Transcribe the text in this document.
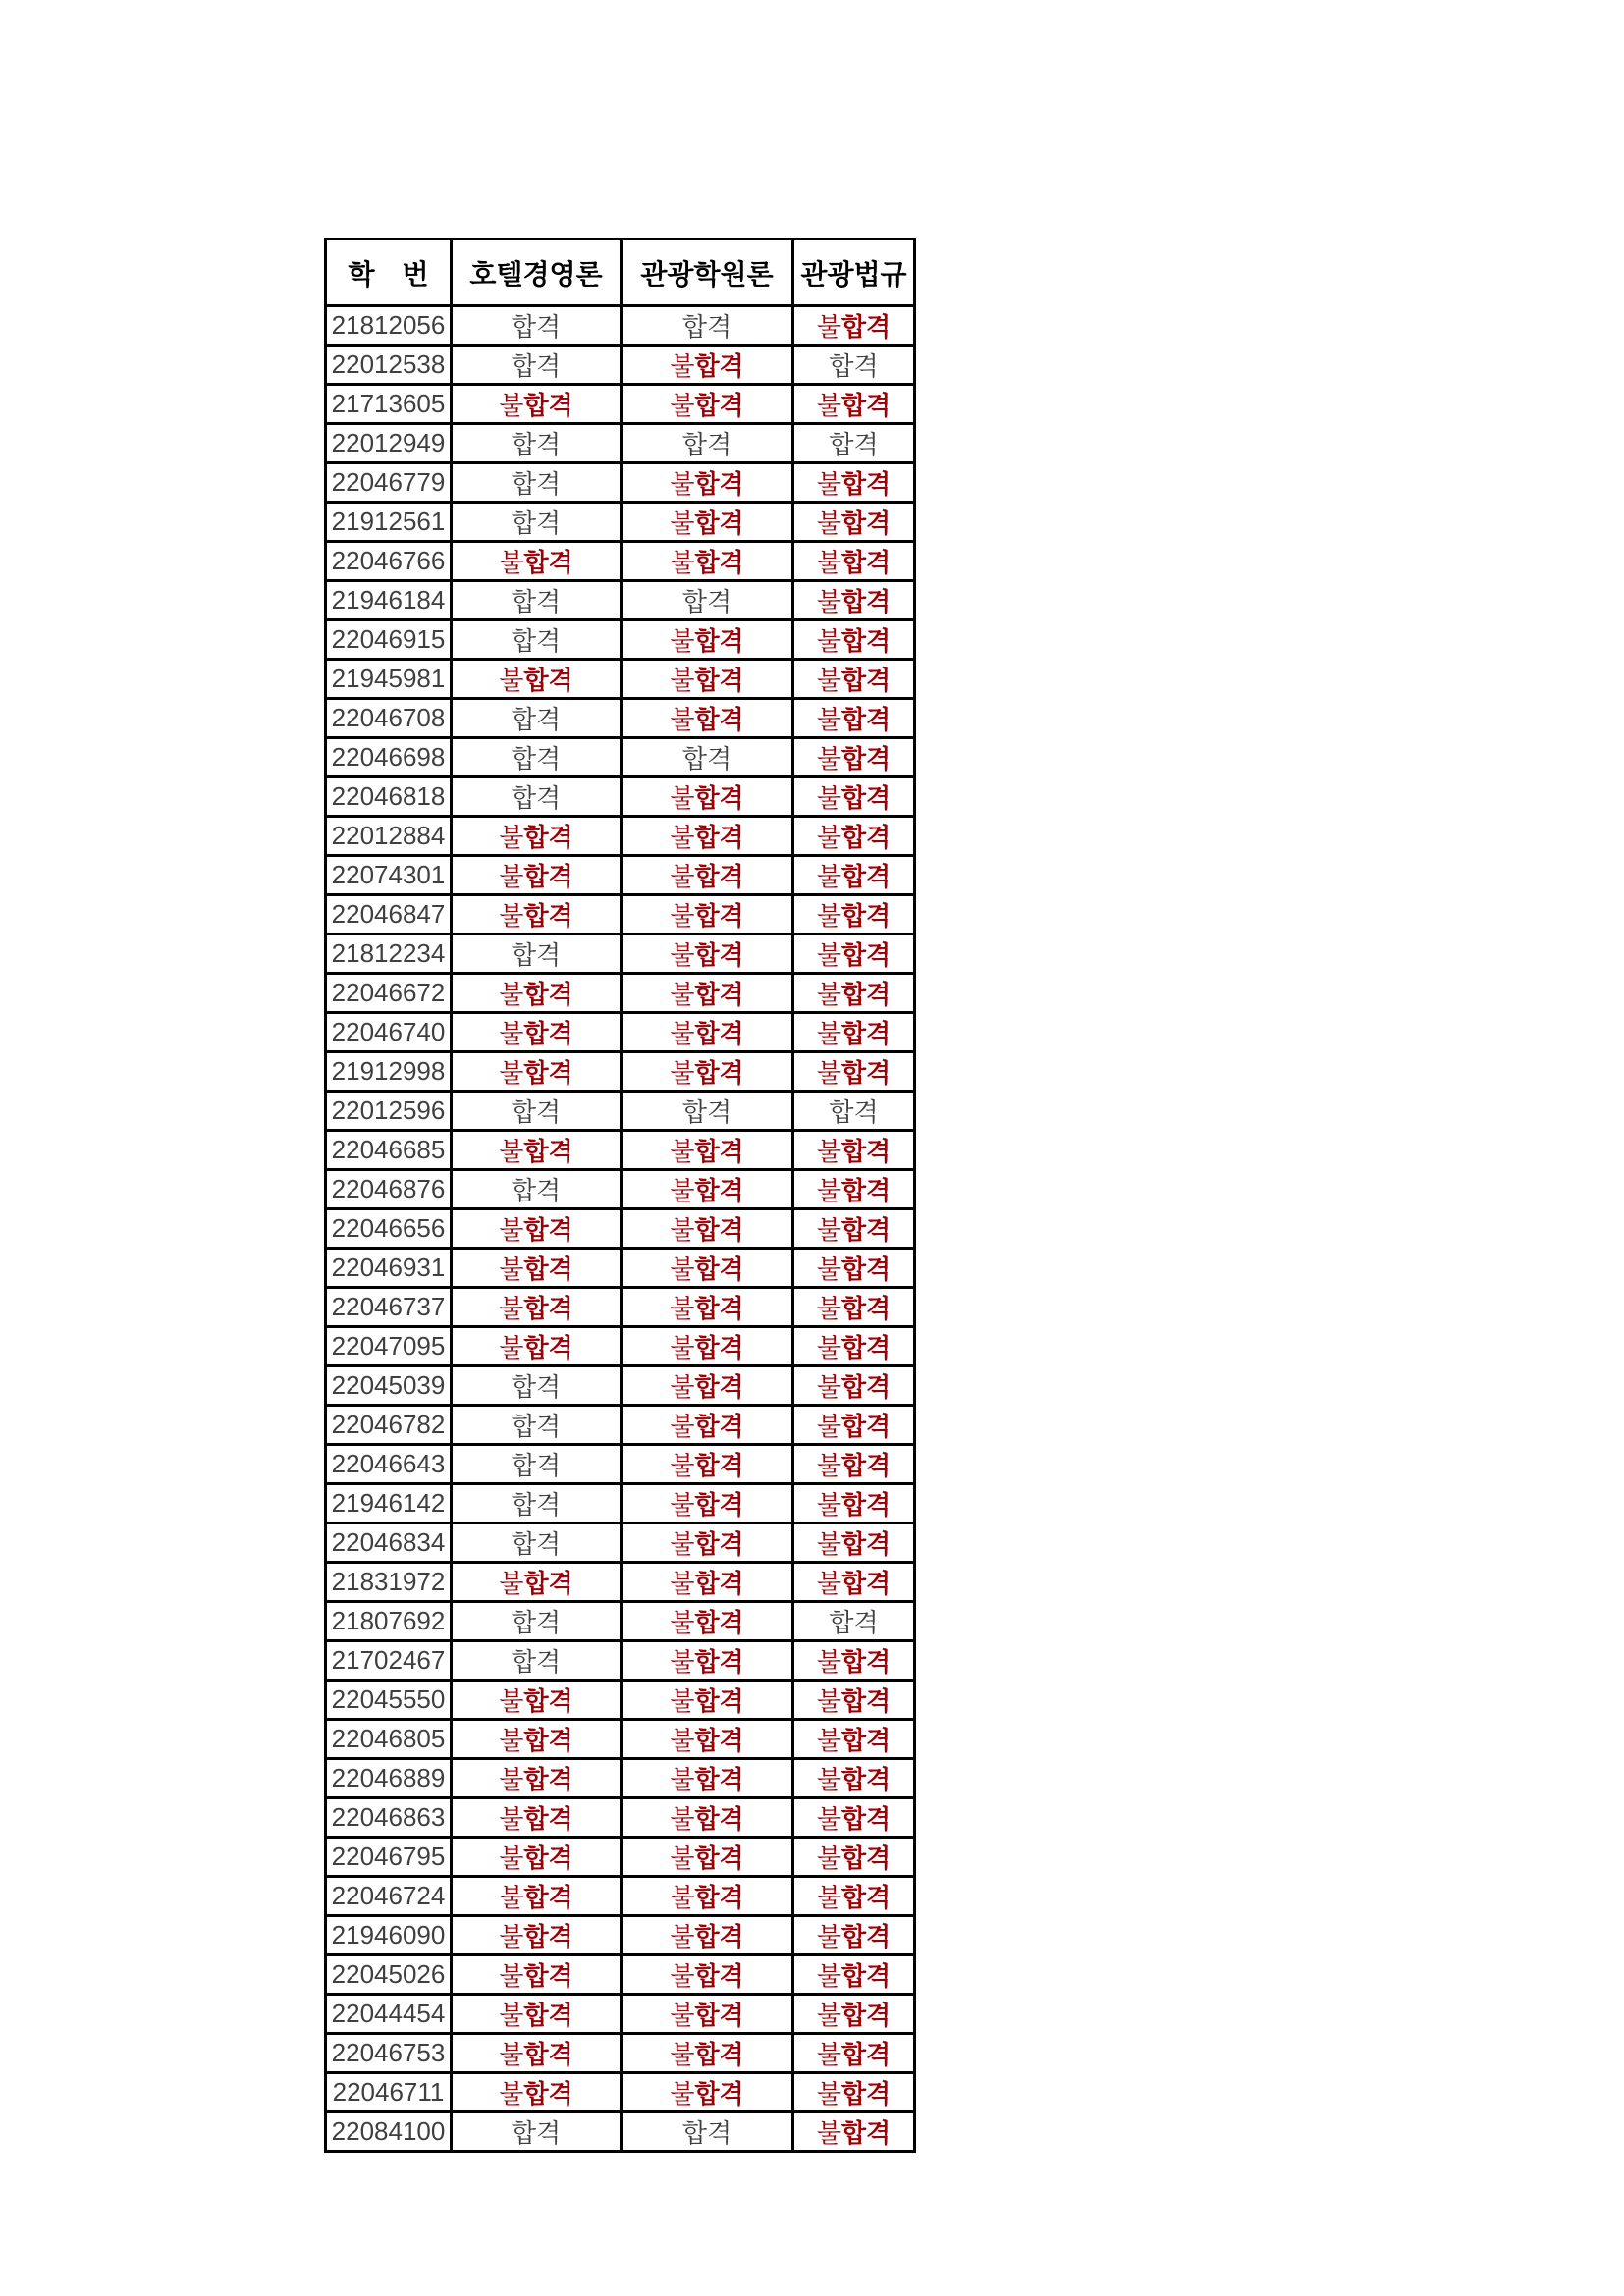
학　번	호텔경영론	관광학원론	관광법규
21812056	합격	합격	불합격
22012538	합격	불합격	합격
21713605	불합격	불합격	불합격
22012949	합격	합격	합격
22046779	합격	불합격	불합격
21912561	합격	불합격	불합격
22046766	불합격	불합격	불합격
21946184	합격	합격	불합격
22046915	합격	불합격	불합격
21945981	불합격	불합격	불합격
22046708	합격	불합격	불합격
22046698	합격	합격	불합격
22046818	합격	불합격	불합격
22012884	불합격	불합격	불합격
22074301	불합격	불합격	불합격
22046847	불합격	불합격	불합격
21812234	합격	불합격	불합격
22046672	불합격	불합격	불합격
22046740	불합격	불합격	불합격
21912998	불합격	불합격	불합격
22012596	합격	합격	합격
22046685	불합격	불합격	불합격
22046876	합격	불합격	불합격
22046656	불합격	불합격	불합격
22046931	불합격	불합격	불합격
22046737	불합격	불합격	불합격
22047095	불합격	불합격	불합격
22045039	합격	불합격	불합격
22046782	합격	불합격	불합격
22046643	합격	불합격	불합격
21946142	합격	불합격	불합격
22046834	합격	불합격	불합격
21831972	불합격	불합격	불합격
21807692	합격	불합격	합격
21702467	합격	불합격	불합격
22045550	불합격	불합격	불합격
22046805	불합격	불합격	불합격
22046889	불합격	불합격	불합격
22046863	불합격	불합격	불합격
22046795	불합격	불합격	불합격
22046724	불합격	불합격	불합격
21946090	불합격	불합격	불합격
22045026	불합격	불합격	불합격
22044454	불합격	불합격	불합격
22046753	불합격	불합격	불합격
22046711	불합격	불합격	불합격
22084100	합격	합격	불합격
